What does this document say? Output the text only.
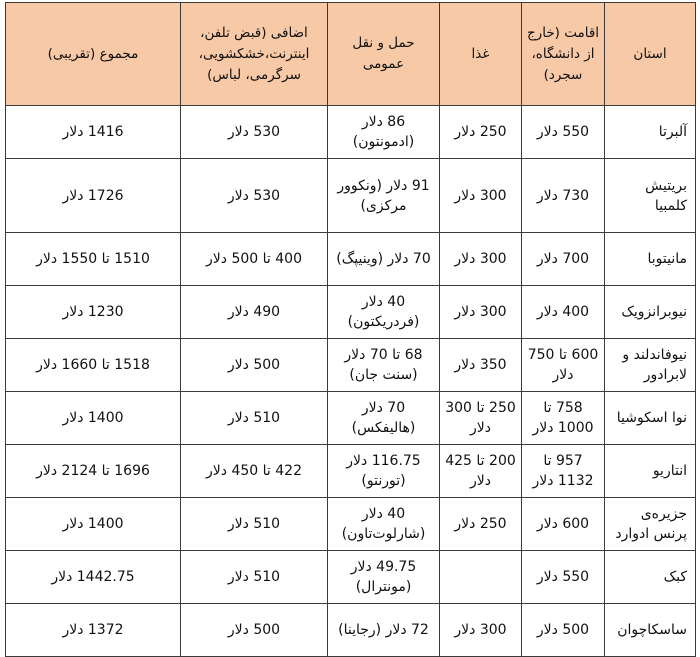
استان	اقامت (خارج از دانشگاه، سجرد)	غذا	حمل و نقل عمومی	اضافی (قبض تلفن، اینترنت،خشکشویی، سرگرمی، لباس)	مجموع (تقریبی)
آلبرتا	550 دلار	250 دلار	86 دلار (ادمونتون)	530 دلار	1416 دلار
بریتیش کلمبیا	730 دلار	300 دلار	91 دلار (ونکوور مرکزی)	530 دلار	1726 دلار
مانیتوبا	700 دلار	300 دلار	70 دلار (وینیپگ)	400 تا 500 دلار	1510 تا 1550 دلار
نیوبرانزویک	400 دلار	300 دلار	40 دلار (فردریکتون)	490 دلار	1230 دلار
نیوفاندلند و لابرادور	600 تا 750 دلار	350 دلار	68 تا 70 دلار (سنت جان)	500 دلار	1518 تا 1660 دلار
نوا اسکوشیا	758 تا 1000 دلار	250 تا 300 دلار	70 دلار (هالیفکس)	510 دلار	1400 دلار
انتاریو	957 تا 1132 دلار	200 تا 425 دلار	116.75 دلار (تورنتو)	422 تا 450 دلار	1696 تا 2124 دلار
جزیره‌ی پرنس ادوارد	600 دلار	250 دلار	40 دلار (شارلوت‌تاون)	510 دلار	1400 دلار
کبک	550 دلار		49.75 دلار (مونترال)	510 دلار	1442.75 دلار
ساسکاچوان	500 دلار	300 دلار	72 دلار (رجاینا)	500 دلار	1372 دلار
